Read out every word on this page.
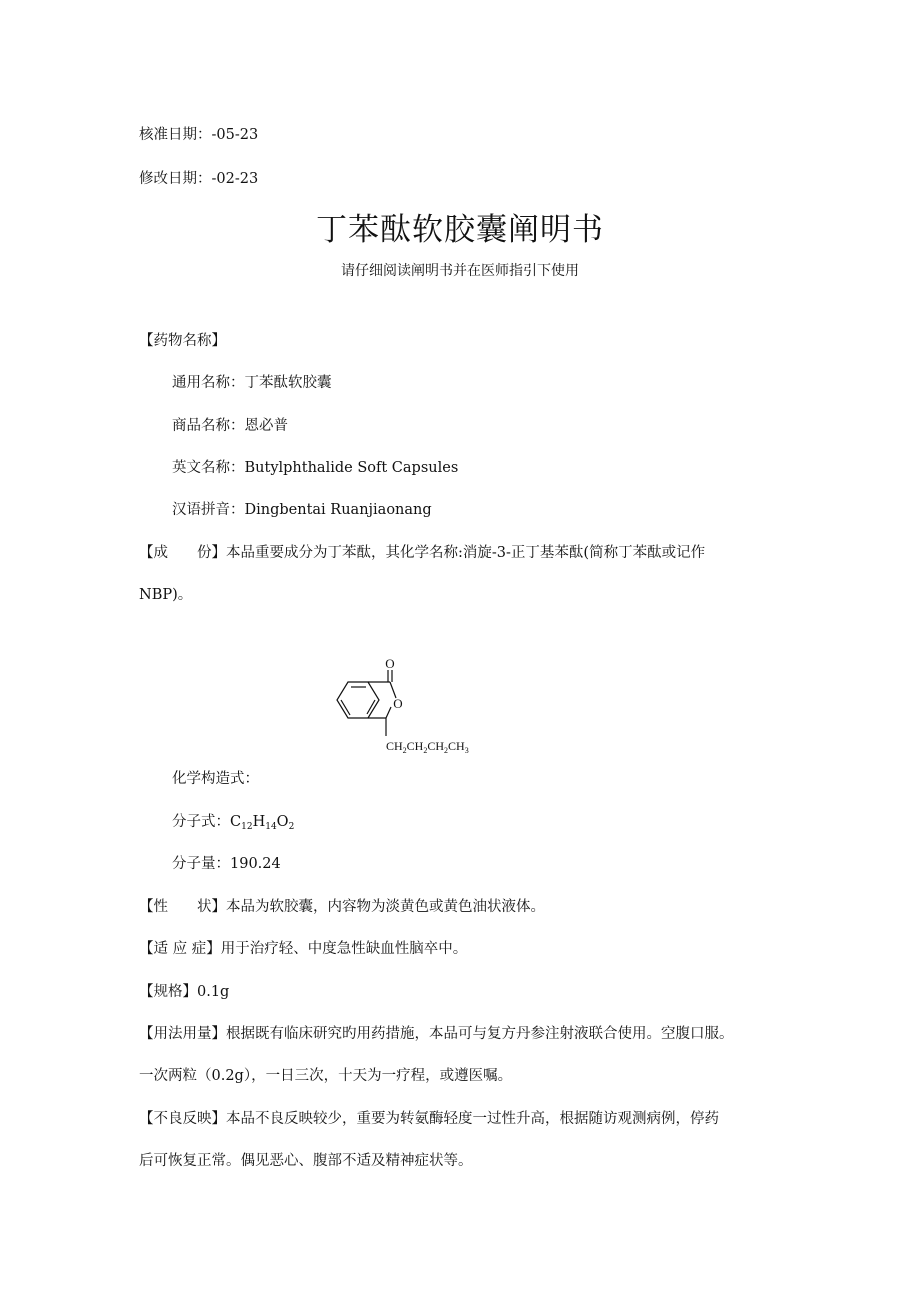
核准日期：-05-23
修改日期：-02-23
丁苯酞软胶囊阐明书
请仔细阅读阐明书并在医师指引下使用
【药物名称】
通用名称：丁苯酞软胶囊
商品名称：恩必普
英文名称：Butylphthalide Soft Capsules
汉语拼音：Dingbentai Ruanjiaonang
【成　　份】本品重要成分为丁苯酞，其化学名称:消旋-3-正丁基苯酞(简称丁苯酞或记作
NBP)。
O
O
$CH_2CH_2CH_2CH_3$
化学构造式：
分子式：$C_{12}H_{14}O_2$
分子量：190.24
【性　　状】本品为软胶囊，内容物为淡黄色或黄色油状液体。
【适 应 症】用于治疗轻、中度急性缺血性脑卒中。
【规格】0.1g
【用法用量】根据既有临床研究旳用药措施，本品可与复方丹参注射液联合使用。空腹口服。
一次两粒（0.2g），一日三次，十天为一疗程，或遵医嘱。
【不良反映】本品不良反映较少，重要为转氨酶轻度一过性升高，根据随访观测病例，停药
后可恢复正常。偶见恶心、腹部不适及精神症状等。
